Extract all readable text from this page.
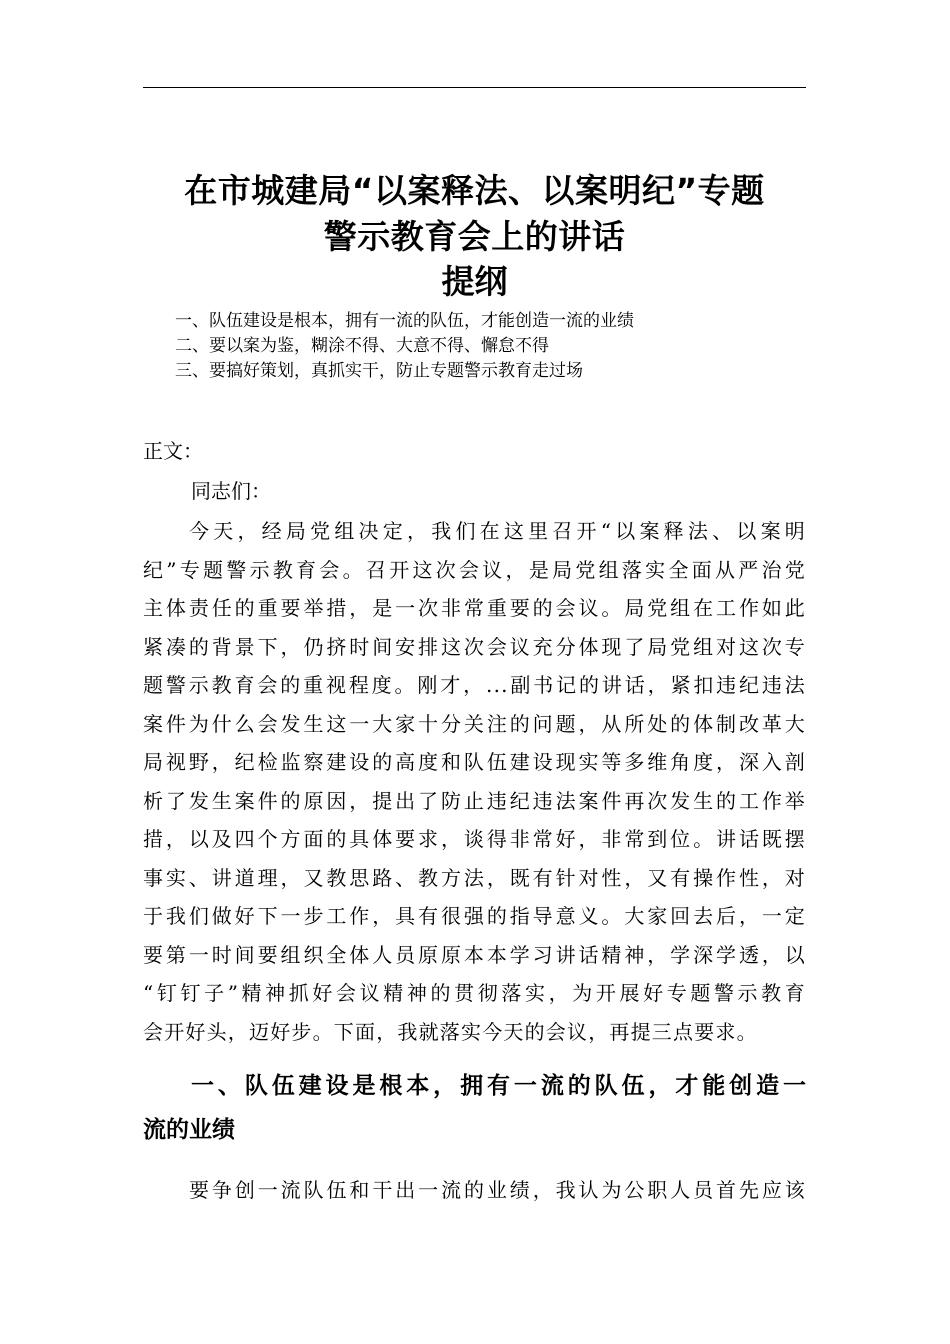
在市城建局“以案释法、以案明纪”专题
警示教育会上的讲话
提纲
一、队伍建设是根本，拥有一流的队伍，才能创造一流的业绩
二、要以案为鉴，糊涂不得、大意不得、懈怠不得
三、要搞好策划，真抓实干，防止专题警示教育走过场
正文：
同志们：
今天，经局党组决定，我们在这里召开“以案释法、以案明
纪”专题警示教育会。召开这次会议，是局党组落实全面从严治党
主体责任的重要举措，是一次非常重要的会议。局党组在工作如此
紧凑的背景下，仍挤时间安排这次会议充分体现了局党组对这次专
题警示教育会的重视程度。刚才，...副书记的讲话，紧扣违纪违法
案件为什么会发生这一大家十分关注的问题，从所处的体制改革大
局视野，纪检监察建设的高度和队伍建设现实等多维角度，深入剖
析了发生案件的原因，提出了防止违纪违法案件再次发生的工作举
措，以及四个方面的具体要求，谈得非常好，非常到位。讲话既摆
事实、讲道理，又教思路、教方法，既有针对性，又有操作性，对
于我们做好下一步工作，具有很强的指导意义。大家回去后，一定
要第一时间要组织全体人员原原本本学习讲话精神，学深学透，以
“钉钉子”精神抓好会议精神的贯彻落实，为开展好专题警示教育
会开好头，迈好步。下面，我就落实今天的会议，再提三点要求。
一、队伍建设是根本，拥有一流的队伍，才能创造一
流的业绩
要争创一流队伍和干出一流的业绩，我认为公职人员首先应该
